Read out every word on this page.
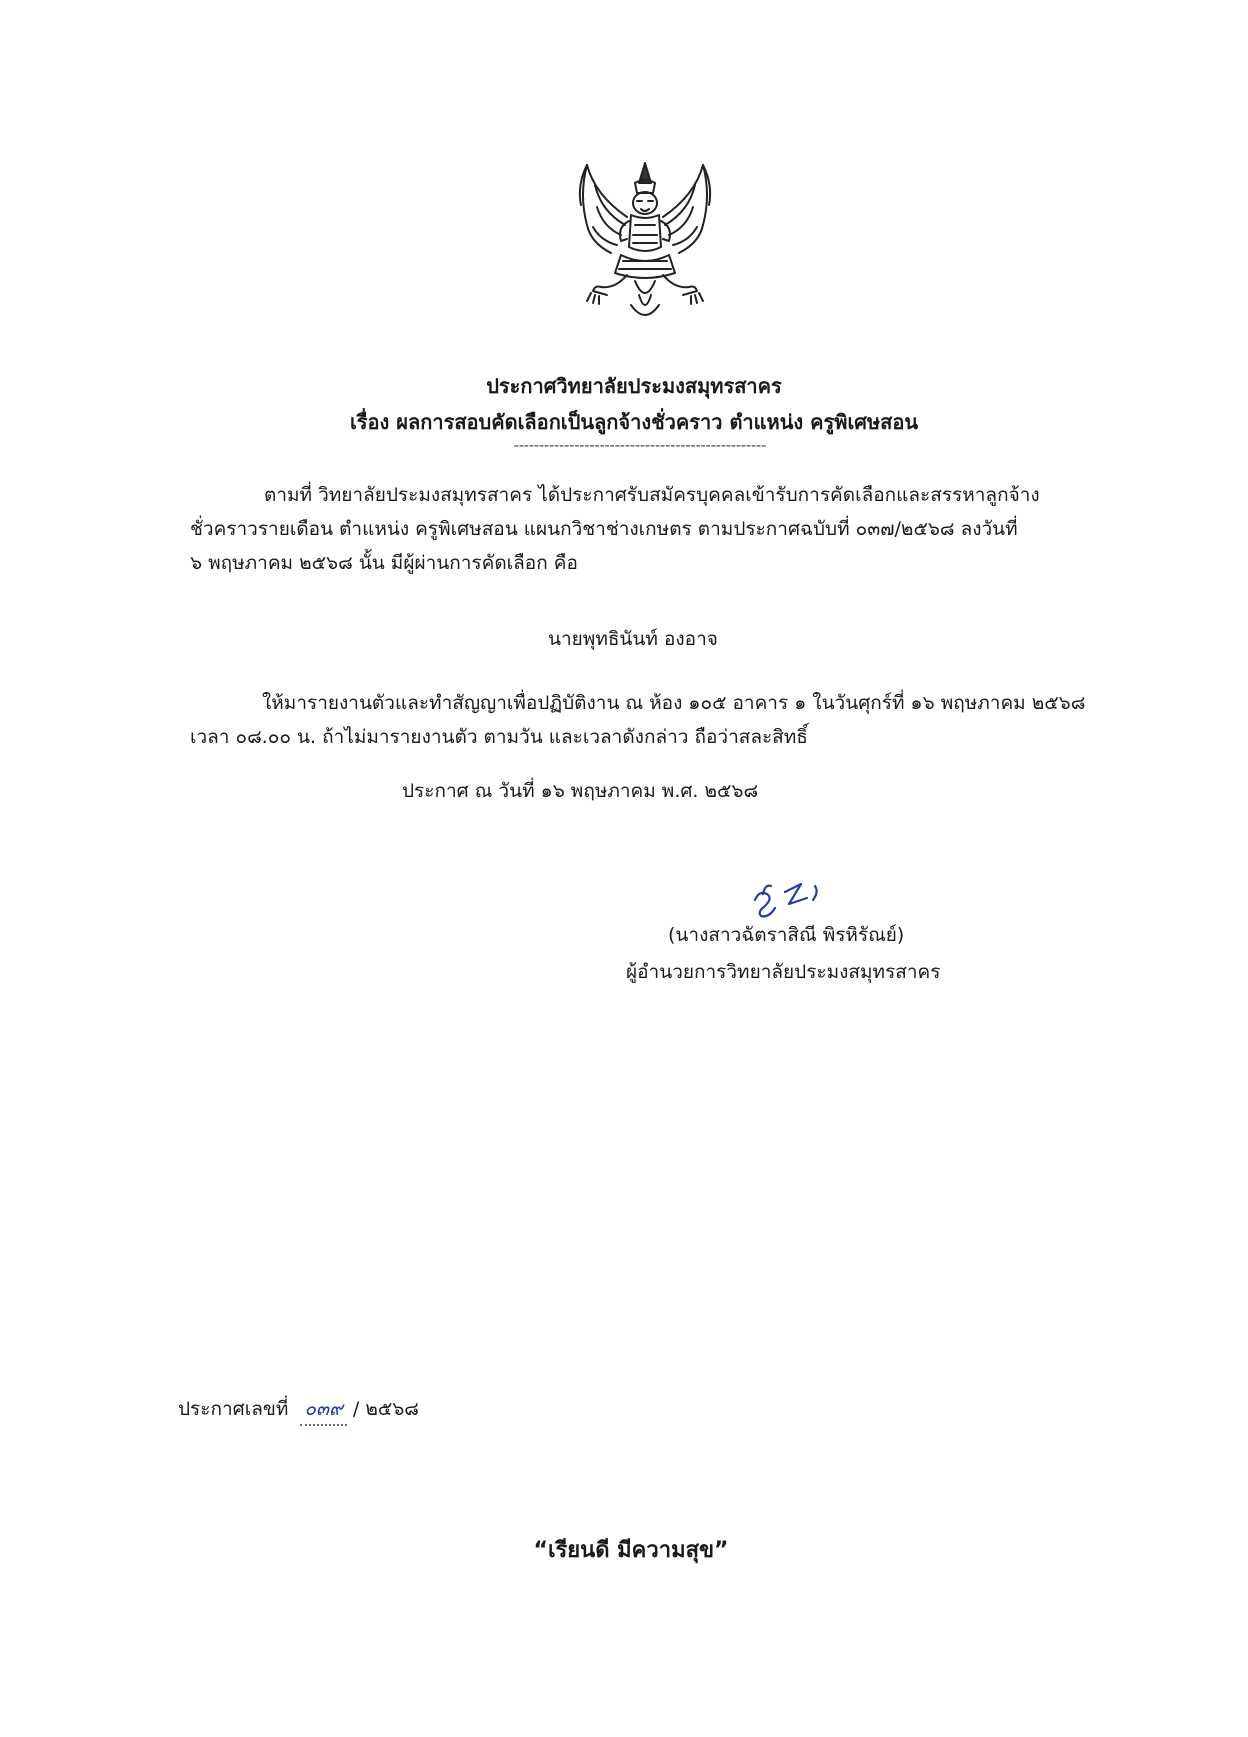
ประกาศวิทยาลัยประมงสมุทรสาคร
เรื่อง ผลการสอบคัดเลือกเป็นลูกจ้างชั่วคราว ตำแหน่ง ครูพิเศษสอน
--------------------------------------------------
ตามที่ วิทยาลัยประมงสมุทรสาคร ได้ประกาศรับสมัครบุคคลเข้ารับการคัดเลือกและสรรหาลูกจ้าง
ชั่วคราวรายเดือน ตำแหน่ง ครูพิเศษสอน แผนกวิชาช่างเกษตร ตามประกาศฉบับที่ ๐๓๗/๒๕๖๘ ลงวันที่
๖ พฤษภาคม ๒๕๖๘ นั้น มีผู้ผ่านการคัดเลือก คือ
นายพุทธินันท์ องอาจ
ให้มารายงานตัวและทำสัญญาเพื่อปฏิบัติงาน ณ ห้อง ๑๐๕ อาคาร ๑ ในวันศุกร์ที่ ๑๖ พฤษภาคม ๒๕๖๘
เวลา ๐๘.๐๐ น. ถ้าไม่มารายงานตัว ตามวัน และเวลาดังกล่าว ถือว่าสละสิทธิ์
ประกาศ ณ วันที่ ๑๖ พฤษภาคม พ.ศ. ๒๕๖๘
(นางสาวฉัตราสิณี พิรหิรัณย์)
ผู้อำนวยการวิทยาลัยประมงสมุทรสาคร
ประกาศเลขที่ ๐๓๙ / ๒๕๖๘
“เรียนดี มีความสุข”
